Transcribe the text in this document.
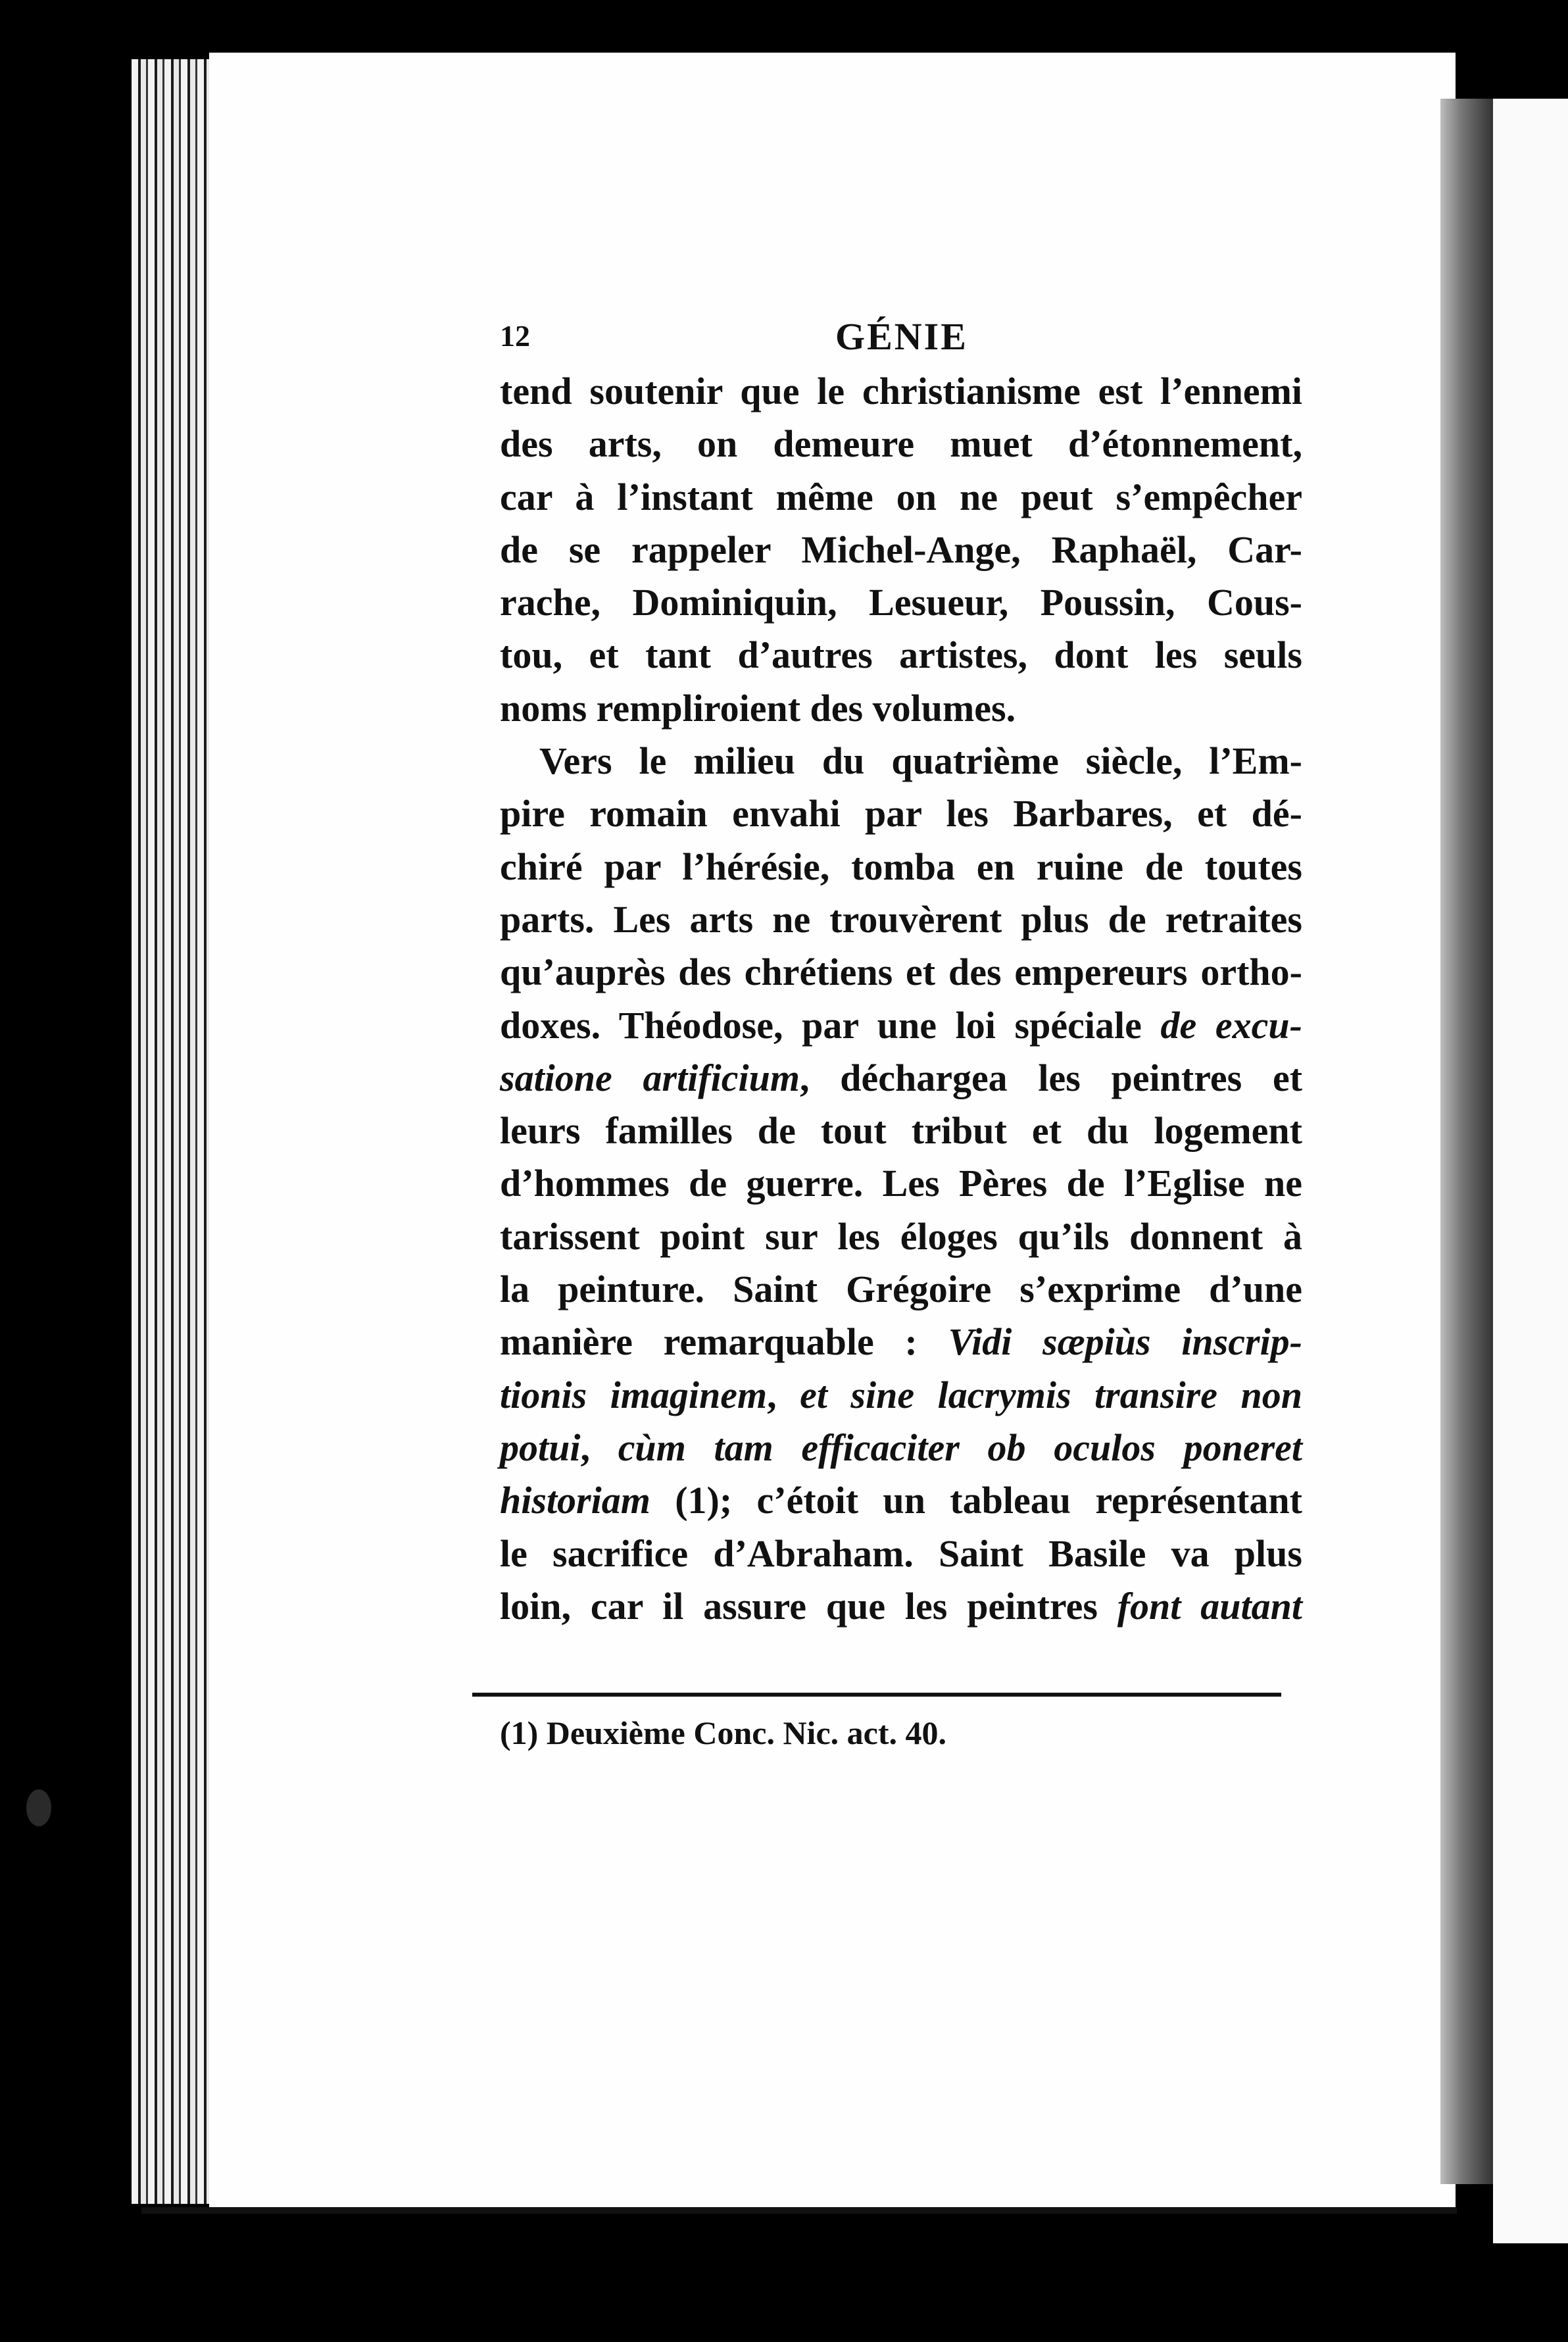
12	GÉNIE
tend soutenir que le christianisme est l’ennemi
des arts, on demeure muet d’étonnement,
car à l’instant même on ne peut s’empêcher
de se rappeler Michel-Ange, Raphaël, Car-
rache, Dominiquin, Lesueur, Poussin, Cous-
tou, et tant d’autres artistes, dont les seuls
noms rempliroient des volumes.
Vers le milieu du quatrième siècle, l’Em-
pire romain envahi par les Barbares, et dé-
chiré par l’hérésie, tomba en ruine de toutes
parts. Les arts ne trouvèrent plus de retraites
qu’auprès des chrétiens et des empereurs ortho-
doxes. Théodose, par une loi spéciale de excu-
satione artificium, déchargea les peintres et
leurs familles de tout tribut et du logement
d’hommes de guerre. Les Pères de l’Eglise ne
tarissent point sur les éloges qu’ils donnent à
la peinture. Saint Grégoire s’exprime d’une
manière remarquable : Vidi sæpiùs inscrip-
tionis imaginem, et sine lacrymis transire non
potui, cùm tam efficaciter ob oculos poneret
historiam (1); c’étoit un tableau représentant
le sacrifice d’Abraham. Saint Basile va plus
loin, car il assure que les peintres font autant
(1) Deuxième Conc. Nic. act. 40.
